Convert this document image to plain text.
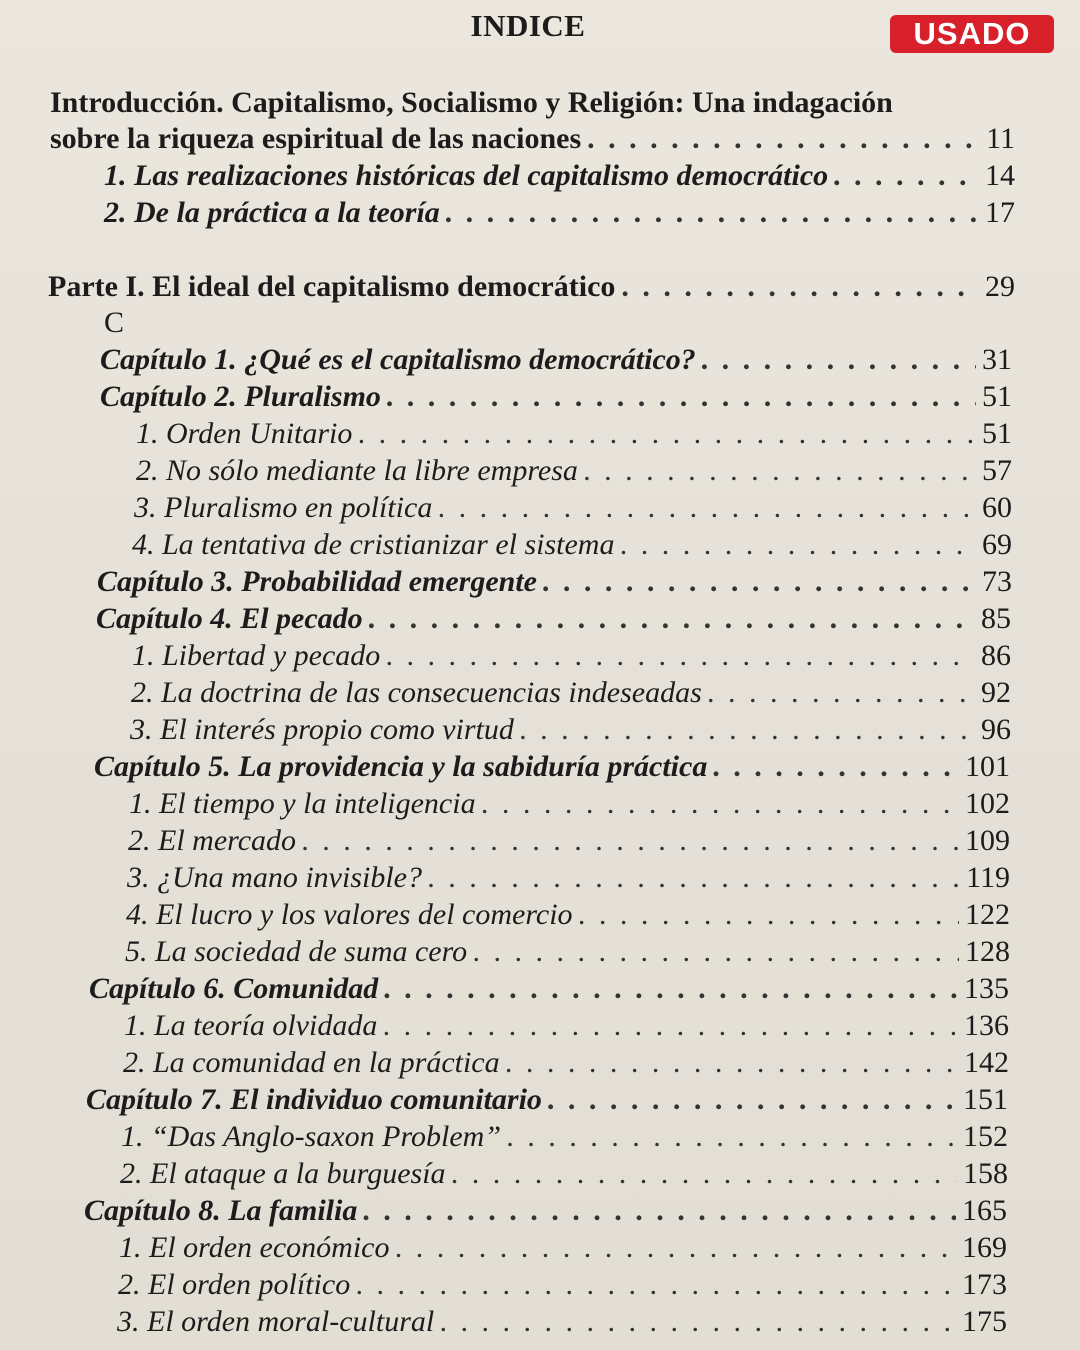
INDICE	USADO
Introducción. Capitalismo, Socialismo y Religión: Una indagación
C
sobre la riqueza espiritual de las naciones . . .	11
1. Las realizaciones históricas del capitalismo democrático . . .	14
2. De la práctica a la teoría . . .	17
Parte I. El ideal del capitalismo democrático . . .	29
Capítulo 1. ¿Qué es el capitalismo democrático? . . .	31
Capítulo 2. Pluralismo . . .	51
1. Orden Unitario . . .	51
2. No sólo mediante la libre empresa . . .	57
3. Pluralismo en política . . .	60
4. La tentativa de cristianizar el sistema . . .	69
Capítulo 3. Probabilidad emergente . . .	73
Capítulo 4. El pecado . . .	85
1. Libertad y pecado . . .	86
2. La doctrina de las consecuencias indeseadas . . .	92
3. El interés propio como virtud . . .	96
Capítulo 5. La providencia y la sabiduría práctica . . .	101
1. El tiempo y la inteligencia . . .	102
2. El mercado . . .	109
3. ¿Una mano invisible? . . .	119
4. El lucro y los valores del comercio . . .	122
5. La sociedad de suma cero . . .	128
Capítulo 6. Comunidad . . .	135
1. La teoría olvidada . . .	136
2. La comunidad en la práctica . . .	142
Capítulo 7. El individuo comunitario . . .	151
1. “Das Anglo-saxon Problem” . . .	152
2. El ataque a la burguesía . . .	158
Capítulo 8. La familia . . .	165
1. El orden económico . . .	169
2. El orden político . . .	173
3. El orden moral-cultural . . .	175
